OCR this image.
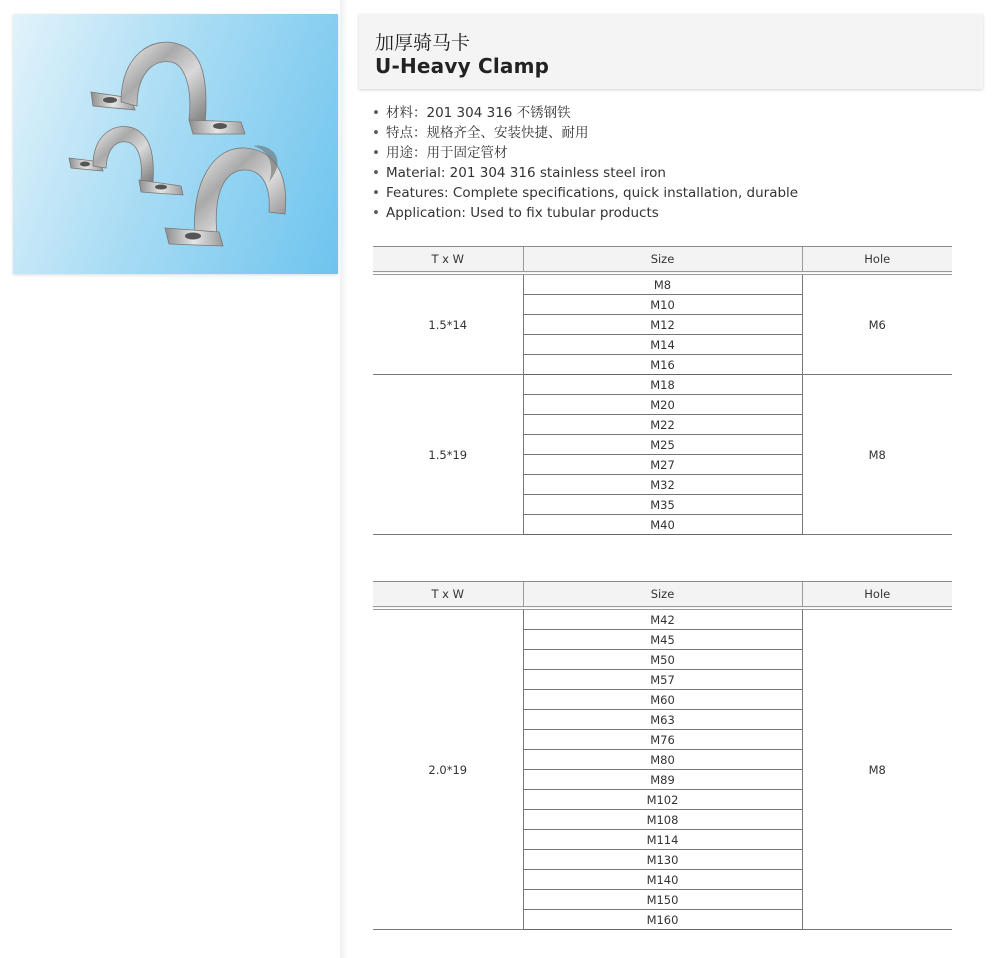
加厚骑马卡
U-Heavy Clamp
• 材料：201 304 316 不锈钢铁
• 特点：规格齐全、安装快捷、耐用
• 用途：用于固定管材
• Material: 201 304 316 stainless steel iron
• Features: Complete specifications, quick installation, durable
• Application: Used to fix tubular products
T x W	Size	Hole
1.5*14	M8	M6
	M10	
	M12	
	M14	
	M16	
1.5*19	M18	M8
	M20	
	M22	
	M25	
	M27	
	M32	
	M35	
	M40	
T x W	Size	Hole
2.0*19	M42	M8
	M45	
	M50	
	M57	
	M60	
	M63	
	M76	
	M80	
	M89	
	M102	
	M108	
	M114	
	M130	
	M140	
	M150	
	M160	
